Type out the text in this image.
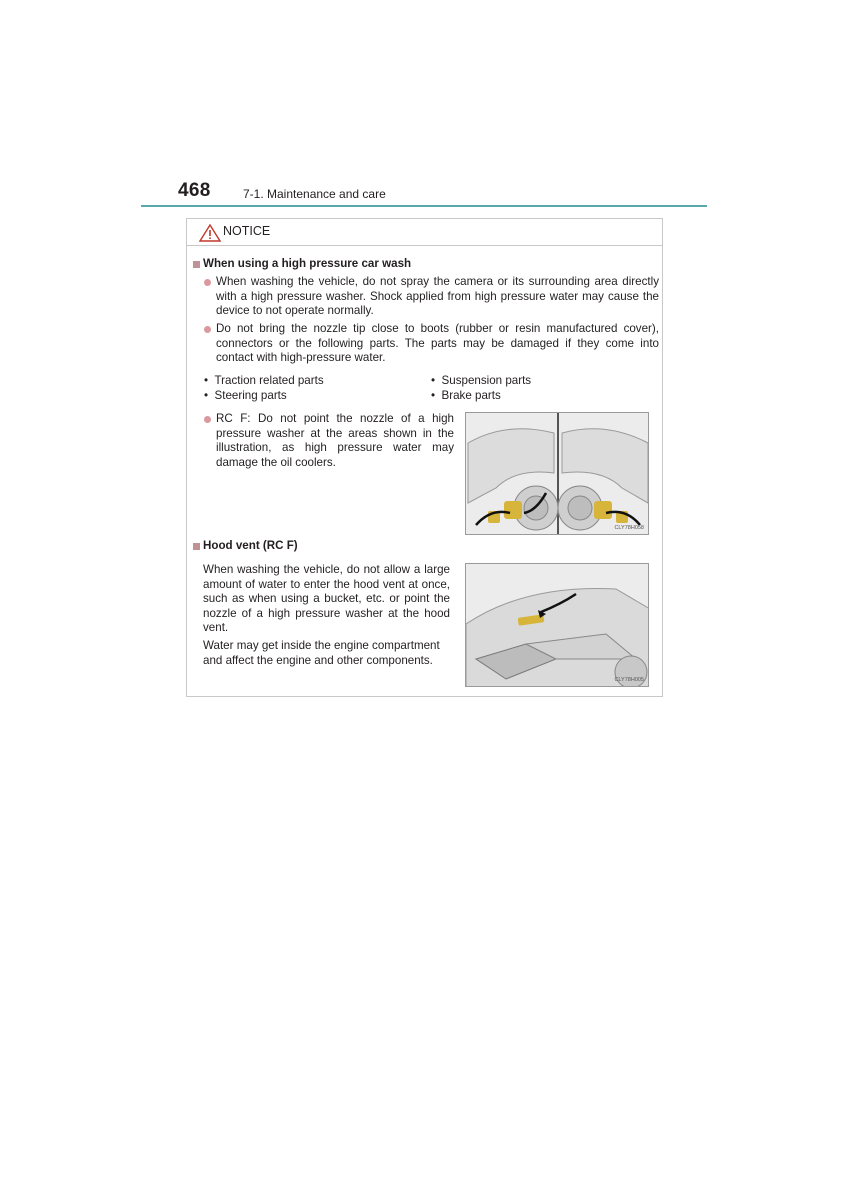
468	7-1. Maintenance and care
NOTICE
When using a high pressure car wash

When washing the vehicle, do not spray the camera or its surrounding area directly with a high pressure washer. Shock applied from high pressure water may cause the device to not operate normally.

Do not bring the nozzle tip close to boots (rubber or resin manufactured cover), connectors or the following parts. The parts may be damaged if they come into contact with high-pressure water.

•  Traction related parts	•  Suspension parts
•  Steering parts	•  Brake parts

RC F: Do not point the nozzle of a high pressure washer at the areas shown in the illustration, as high pressure water may damage the oil coolers.

CLY78H058
Hood vent (RC F)

When washing the vehicle, do not allow a large amount of water to enter the hood vent at once, such as when using a bucket, etc. or point the nozzle of a high pressure washer at the hood vent.

Water may get inside the engine compartment and affect the engine and other components.

CLY78H005
